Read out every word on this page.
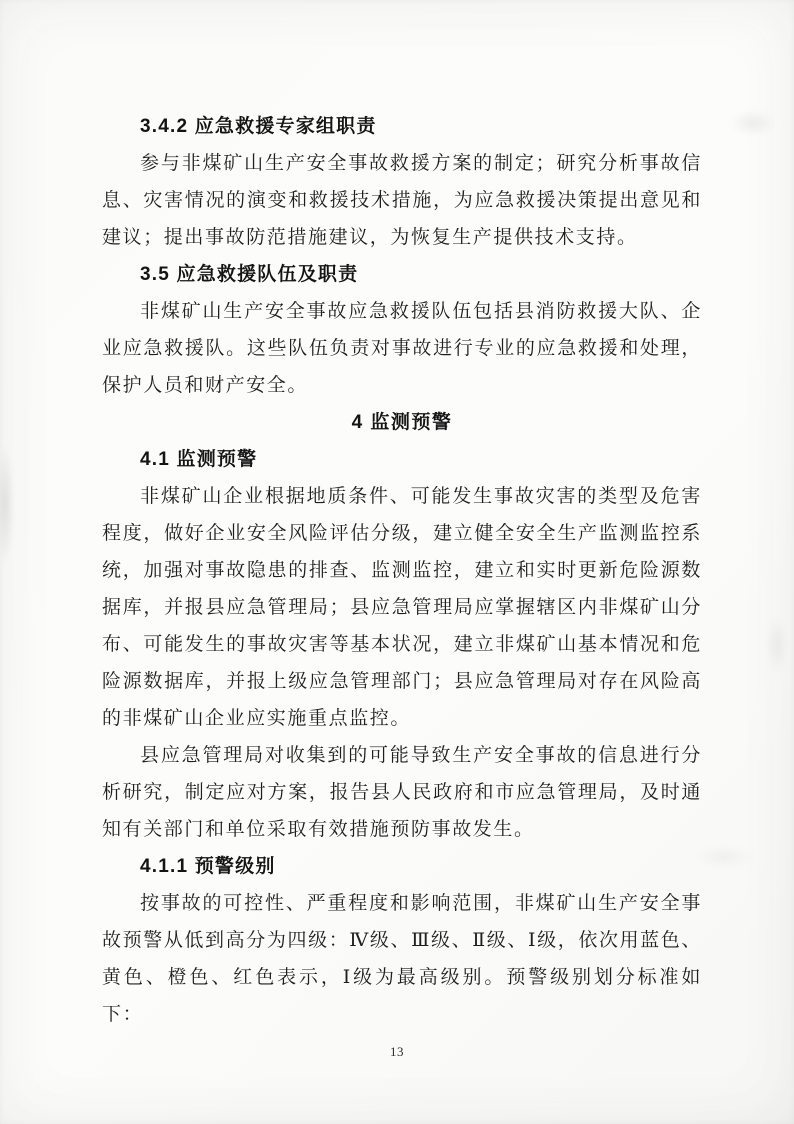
3.4.2 应急救援专家组职责

参与非煤矿山生产安全事故救援方案的制定；研究分析事故信息、灾害情况的演变和救援技术措施，为应急救援决策提出意见和建议；提出事故防范措施建议，为恢复生产提供技术支持。

3.5 应急救援队伍及职责

非煤矿山生产安全事故应急救援队伍包括县消防救援大队、企业应急救援队。这些队伍负责对事故进行专业的应急救援和处理，保护人员和财产安全。

4 监测预警
4.1 监测预警

非煤矿山企业根据地质条件、可能发生事故灾害的类型及危害程度，做好企业安全风险评估分级，建立健全安全生产监测监控系统，加强对事故隐患的排查、监测监控，建立和实时更新危险源数据库，并报县应急管理局；县应急管理局应掌握辖区内非煤矿山分布、可能发生的事故灾害等基本状况，建立非煤矿山基本情况和危险源数据库，并报上级应急管理部门；县应急管理局对存在风险高的非煤矿山企业应实施重点监控。

县应急管理局对收集到的可能导致生产安全事故的信息进行分析研究，制定应对方案，报告县人民政府和市应急管理局，及时通知有关部门和单位采取有效措施预防事故发生。

4.1.1 预警级别

按事故的可控性、严重程度和影响范围，非煤矿山生产安全事故预警从低到高分为四级：Ⅳ级、Ⅲ级、Ⅱ级、Ⅰ级，依次用蓝色、黄色、橙色、红色表示，Ⅰ级为最高级别。预警级别划分标准如下：

13
